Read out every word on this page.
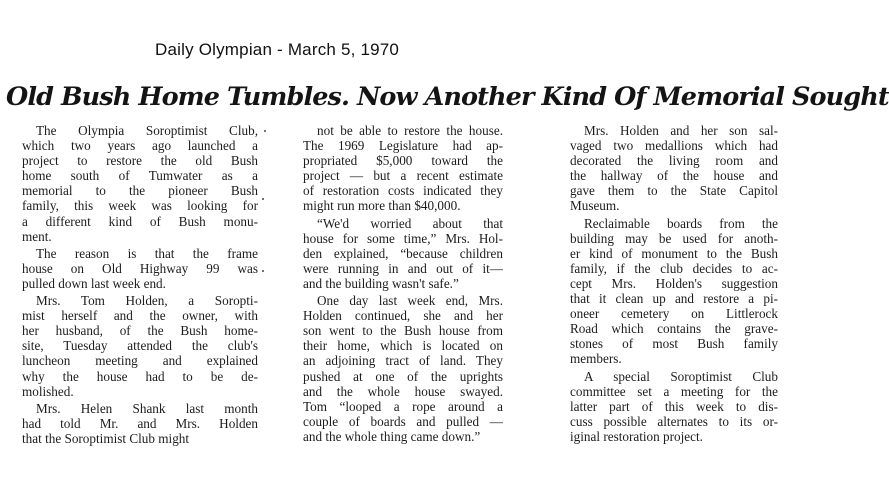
Daily Olympian - March 5, 1970
Old Bush Home Tumbles. Now Another Kind Of Memorial Sought

The Olympia Soroptimist Club,
which two years ago launched a
project to restore the old Bush
home south of Tumwater as a
memorial to the pioneer Bush
family, this week was looking for
a different kind of Bush monu-
ment.

The reason is that the frame
house on Old Highway 99 was
pulled down last week end.

Mrs. Tom Holden, a Soropti-
mist herself and the owner, with
her husband, of the Bush home-
site, Tuesday attended the club's
luncheon meeting and explained
why the house had to be de-
molished.

Mrs. Helen Shank last month
had told Mr. and Mrs. Holden
that the Soroptimist Club might

not be able to restore the house.
The 1969 Legislature had ap-
propriated $5,000 toward the
project — but a recent estimate
of restoration costs indicated they
might run more than $40,000.

“We'd worried about that
house for some time,” Mrs. Hol-
den explained, “because children
were running in and out of it—
and the building wasn't safe.”

One day last week end, Mrs.
Holden continued, she and her
son went to the Bush house from
their home, which is located on
an adjoining tract of land. They
pushed at one of the uprights
and the whole house swayed.
Tom “looped a rope around a
couple of boards and pulled —
and the whole thing came down.”

Mrs. Holden and her son sal-
vaged two medallions which had
decorated the living room and
the hallway of the house and
gave them to the State Capitol
Museum.

Reclaimable boards from the
building may be used for anoth-
er kind of monument to the Bush
family, if the club decides to ac-
cept Mrs. Holden's suggestion
that it clean up and restore a pi-
oneer cemetery on Littlerock
Road which contains the grave-
stones of most Bush family
members.

A special Soroptimist Club
committee set a meeting for the
latter part of this week to dis-
cuss possible alternates to its or-
iginal restoration project.
